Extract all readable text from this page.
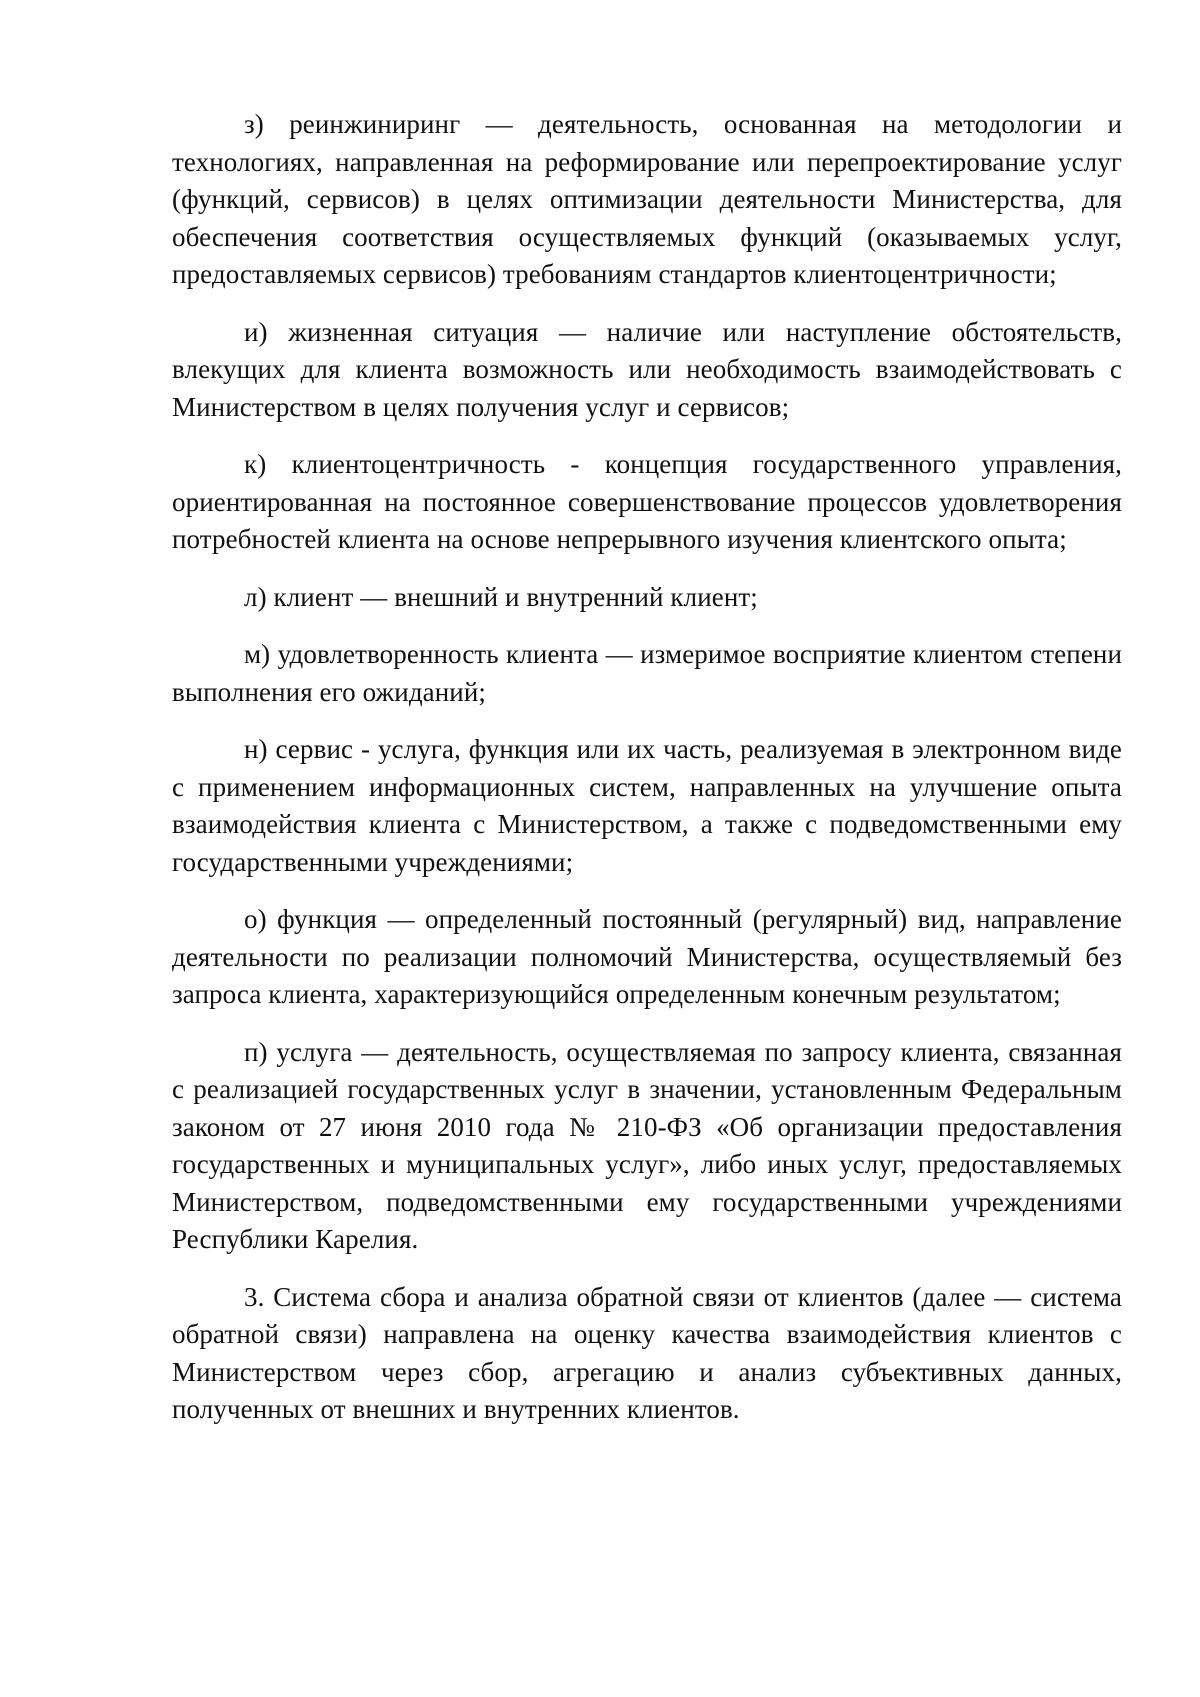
з) реинжиниринг — деятельность, основанная на методологии и технологиях, направленная на реформирование или перепроектирование услуг (функций, сервисов) в целях оптимизации деятельности Министерства, для обеспечения соответствия осуществляемых функций (оказываемых услуг, предоставляемых сервисов) требованиям стандартов клиентоцентричности;

и) жизненная ситуация — наличие или наступление обстоятельств, влекущих для клиента возможность или необходимость взаимодействовать с Министерством в целях получения услуг и сервисов;

к) клиентоцентричность - концепция государственного управления, ориентированная на постоянное совершенствование процессов удовлетворения потребностей клиента на основе непрерывного изучения клиентского опыта;

л) клиент — внешний и внутренний клиент;

м) удовлетворенность клиента — измеримое восприятие клиентом степени выполнения его ожиданий;

н) сервис - услуга, функция или их часть, реализуемая в электронном виде с применением информационных систем, направленных на улучшение опыта взаимодействия клиента с Министерством, а также с подведомственными ему государственными учреждениями;

о) функция — определенный постоянный (регулярный) вид, направление деятельности по реализации полномочий Министерства, осуществляемый без запроса клиента, характеризующийся определенным конечным результатом;

п) услуга — деятельность, осуществляемая по запросу клиента, связанная с реализацией государственных услуг в значении, установленным Федеральным законом от 27 июня 2010 года № 210-ФЗ «Об организации предоставления государственных и муниципальных услуг», либо иных услуг, предоставляемых Министерством, подведомственными ему государственными учреждениями Республики Карелия.

3. Система сбора и анализа обратной связи от клиентов (далее — система обратной связи) направлена на оценку качества взаимодействия клиентов с Министерством через сбор, агрегацию и анализ субъективных данных, полученных от внешних и внутренних клиентов.
